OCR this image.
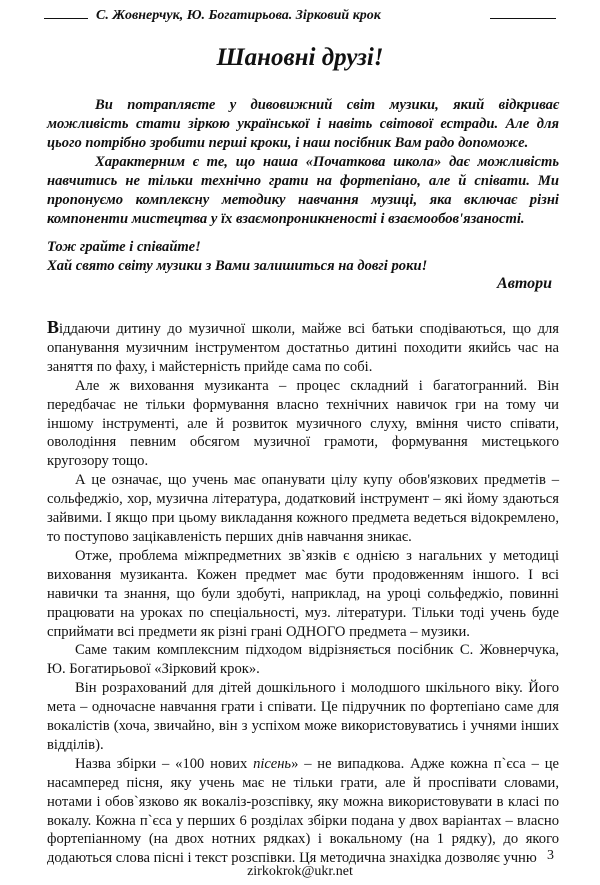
С. Жовнерчук, Ю. Богатирьова. Зірковий крок
Шановні друзі!

Ви потрапляєте у дивовижний світ музики, який відкриває можливість стати зіркою української і навіть світової естради. Але для цього потрібно зробити перші кроки, і наш посібник Вам радо допоможе.

Характерним є те, що наша «Початкова школа» дає можливість навчитись не тільки технічно грати на фортепіано, але й співати. Ми пропонуємо комплексну методику навчання музиці, яка включає різні компоненти мистецтва у їх взаємопроникненості і взаємообов'язаності.

Тож грайте і співайте!
Хай свято світу музики з Вами залишиться на довгі роки!
Автори

Віддаючи дитину до музичної школи, майже всі батьки сподіваються, що для опанування музичним інструментом достатньо дитині походити якийсь час на заняття по фаху, і майстерність прийде сама по собі.

Але ж виховання музиканта – процес складний і багатогранний. Він передбачає не тільки формування власно технічних навичок гри на тому чи іншому інструменті, але й розвиток музичного слуху, вміння чисто співати, оволодіння певним обсягом музичної грамоти, формування мистецького кругозору тощо.

А це означає, що учень має опанувати цілу купу обов'язкових предметів – сольфеджіо, хор, музична література, додатковий інструмент – які йому здаються зайвими. І якщо при цьому викладання кожного предмета ведеться відокремлено, то поступово зацікавленість перших днів навчання зникає.

Отже, проблема міжпредметних зв`язків є однією з нагальних у методиці виховання музиканта. Кожен предмет має бути продовженням іншого. І всі навички та знання, що були здобуті, наприклад, на уроці сольфеджіо, повинні працювати на уроках по спеціальності, муз. літератури. Тільки тоді учень буде сприймати всі предмети як різні грані ОДНОГО предмета – музики.

Саме таким комплексним підходом відрізняється посібник С. Жовнерчука, Ю. Богатирьової «Зірковий крок».

Він розрахований для дітей дошкільного і молодшого шкільного віку. Його мета – одночасне навчання грати і співати. Це підручник по фортепіано саме для вокалістів (хоча, звичайно, він з успіхом може використовуватись і учнями інших відділів).

Назва збірки – «100 нових пісень» – не випадкова. Адже кожна п`єса – це насамперед пісня, яку учень має не тільки грати, але й проспівати словами, нотами і обов`язково як вокаліз-розспівку, яку можна використовувати в класі по вокалу. Кожна п`єса у перших 6 розділах збірки подана у двох варіантах – власно фортепіанному (на двох нотних рядках) і вокальному (на 1 рядку), до якого додаються слова пісні і текст розспівки. Ця методична знахідка дозволяє учню 3
zirkokrok@ukr.net
